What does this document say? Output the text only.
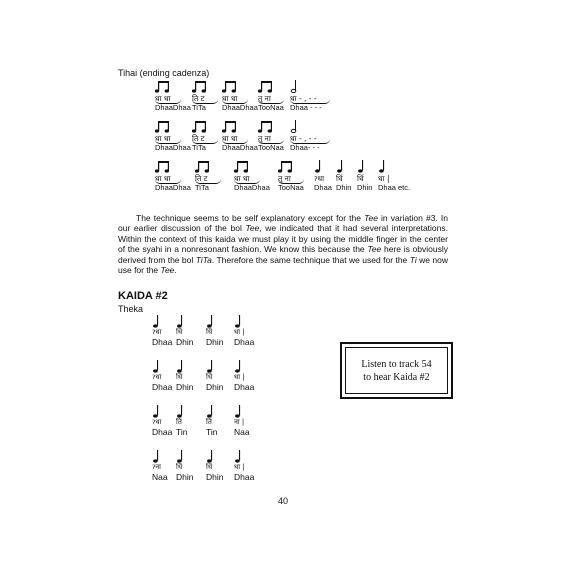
Tihai (ending cadenza)
धा धा
DhaaDhaa
ति ट
TiTa
धा धा
DhaaDhaa
तु ना
TooNaa
धा - , - -
Dhaa - - -
धा धा
DhaaDhaa
ति ट
TiTa
धा धा
DhaaDhaa
तु ना
TooNaa
धा - , - -
Dhaa- - -
धा धा
DhaaDhaa
ति ट
TiTa
धा धा
DhaaDhaa
तु ना
TooNaa
ॽधा
Dhaa
धिं
Dhin
धिं
Dhin
धा |
Dhaa etc.

The technique seems to be self explanatory except for the Tee in variation #3. In our earlier discussion of the bol Tee, we indicated that it had several interpretations. Within the context of this kaida we must play it by using the middle finger in the center of the syahi in a nonresonant fashion. We know this because the Tee here is obviously derived from the bol TiTa. Therefore the same technique that we used for the Ti we now use for the Tee.

KAIDA #2
Theka
ॽधा
Dhaa
धिं
Dhin
धिं
Dhin
धा |
Dhaa
ॽधा
Dhaa
धिं
Dhin
धिं
Dhin
धा |
Dhaa
ॽधा
Dhaa
तिं
Tin
तिं
Tin
ना |
Naa
ॽना
Naa
धिं
Dhin
धिं
Dhin
धा |
Dhaa
Listen to track 54
to hear Kaida #2
40
